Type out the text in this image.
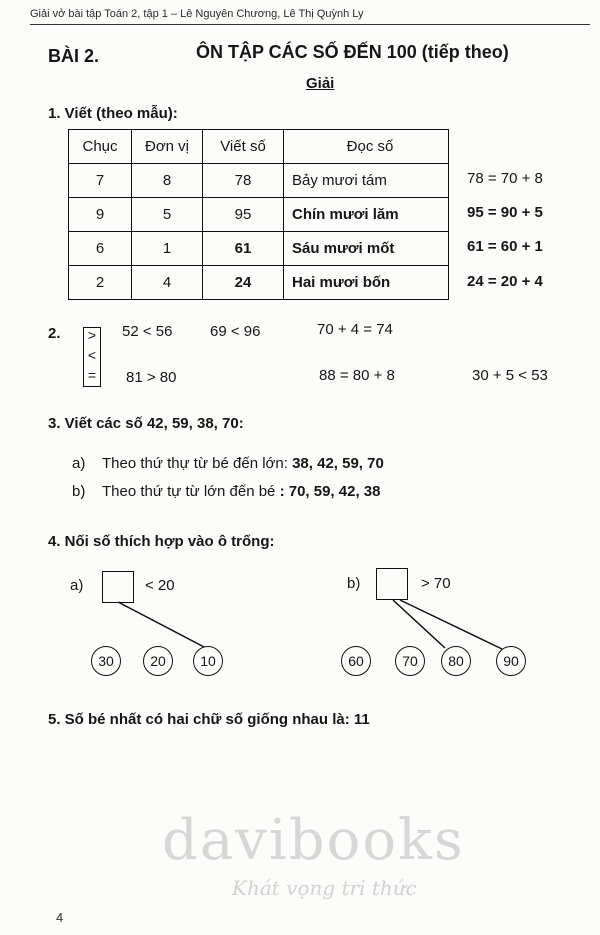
Giải vở bài tập Toán 2, tập 1 – Lê Nguyên Chương, Lê Thị Quỳnh Ly
BÀI 2.	ÔN TẬP CÁC SỐ ĐẾN 100 (tiếp theo)
Giải
1. Viết (theo mẫu):
Chục	Đơn vị	Viết số	Đọc số
7	8	78	Bảy mươi tám
9	5	95	Chín mươi lăm
6	1	61	Sáu mươi mốt
2	4	24	Hai mươi bốn
78 = 70 + 8
95 = 90 + 5
61 = 60 + 1
24 = 20 + 4
2. >
<
=
52 < 56	69 < 96	70 + 4 = 74
81 > 80	88 = 80 + 8	30 + 5 < 53
3. Viết các số 42, 59, 38, 70:
a) Theo thứ thự từ bé đến lớn: 38, 42, 59, 70
b) Theo thứ tự từ lớn đến bé : 70, 59, 42, 38
4. Nối số thích hợp vào ô trống:
a)	< 20
30	20	10
b)	> 70
60	70	80	90
5. Số bé nhất có hai chữ số giống nhau là: 11
davibooks
Khát vọng tri thức
4
